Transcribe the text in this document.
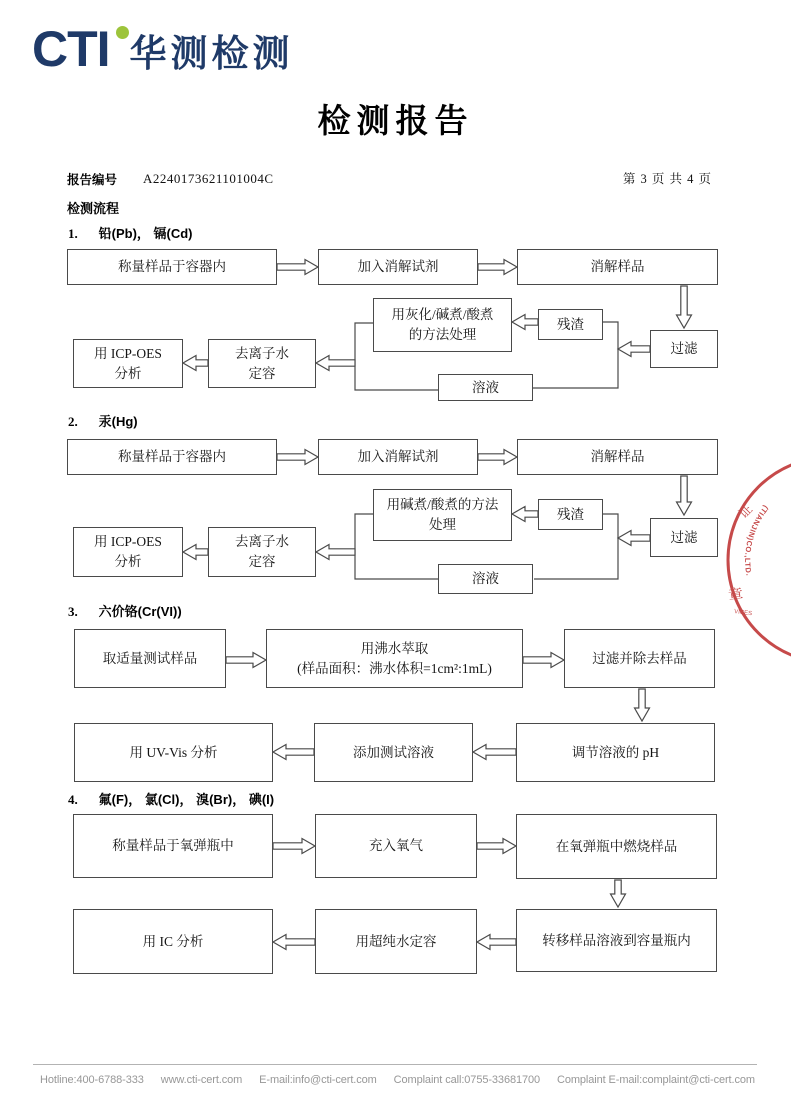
CTI 华测检测
检测报告
报告编号 A2240173621101004C	第 3 页 共 4 页
检测流程
1. 铅(Pb)， 镉(Cd)
称量样品于容器内	加入消解试剂	消解样品
用灰化/碱煮/酸煮
的方法处理
残渣
过滤
溶液
去离子水
定容
用 ICP-OES
分析
2. 汞(Hg)
称量样品于容器内	加入消解试剂	消解样品
用碱煮/酸煮的方法
处理
残渣
过滤
溶液
去离子水
定容
用 ICP-OES
分析
3. 六价铬(Cr(VI))
取适量测试样品
用沸水萃取
(样品面积：沸水体积=1cm²:1mL)
过滤并除去样品
调节溶液的 pH
添加测试溶液
用 UV-Vis 分析
4. 氟(F)， 氯(Cl)， 溴(Br)， 碘(I)
称量样品于氧弹瓶中	充入氧气	在氧弹瓶中燃烧样品
转移样品溶液到容量瓶内
用超纯水定容
用 IC 分析
(TIANJIN)CO.,LTD.
证
章
VICES
Hotline:400-6788-333 www.cti-cert.com E-mail:info@cti-cert.com Complaint call:0755-33681700 Complaint E-mail:complaint@cti-cert.com
